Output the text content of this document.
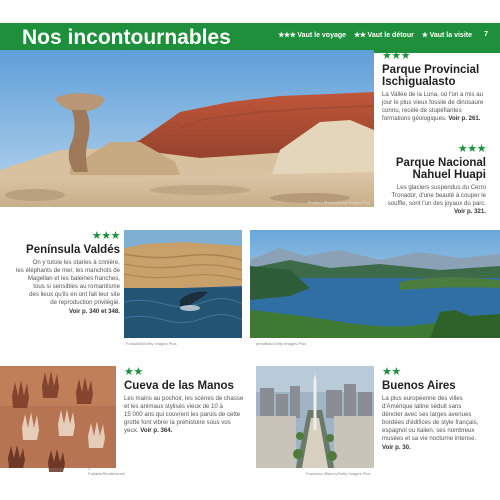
Nos incontournables	★★★ Vaut le voyage ★★ Vaut le détour ★ Vaut la visite 7
Photon / Photos/Getty Images Plus
★★★
Parque Provincial
Ischigualasto
La Vallée de la Luna, où l'on a mis au
jour le plus vieux fossile de dinosaure
connu, recèle de stupéfiantes
formations géologiques. Voir p. 261.
★★★
Parque Nacional
Nahuel Huapi
Les glaciers suspendus du Cerro
Tronador, d'une beauté à couper le
souffle, sont l'un des joyaux du parc.
Voir p. 321.
★★★
Península Valdés
On y tutoie les otaries à crinière,
les éléphants de mer, les manchots de
Magellan et les baleines franches,
tous si sensibles au romantisme
des lieux qu'ils en ont fait leur site
de reproduction privilégié.
Voir p. 340 et 348.
Fotos668/Getty Images Plus	jerbuffalo/Getty Images Plus
C. Farfalla/Shutterstock
★★
Cueva de las Manos
Les mains au pochoir, les scènes de chasse
et les animaux stylisés vieux de 10 à
15 000 ans qui couvrent les parois de cette
grotte font vibrer la préhistoire sous vos
yeux. Voir p. 364.
Francisco Blanco/Getty Images Plus
★★
Buenos Aires
La plus européenne des villes
d'Amérique latine séduit sans
dénoter avec ses larges avenues
bordées d'édifices de style français,
espagnol ou italien, ses nombreux
musées et sa vie nocturne intense.
Voir p. 30.
